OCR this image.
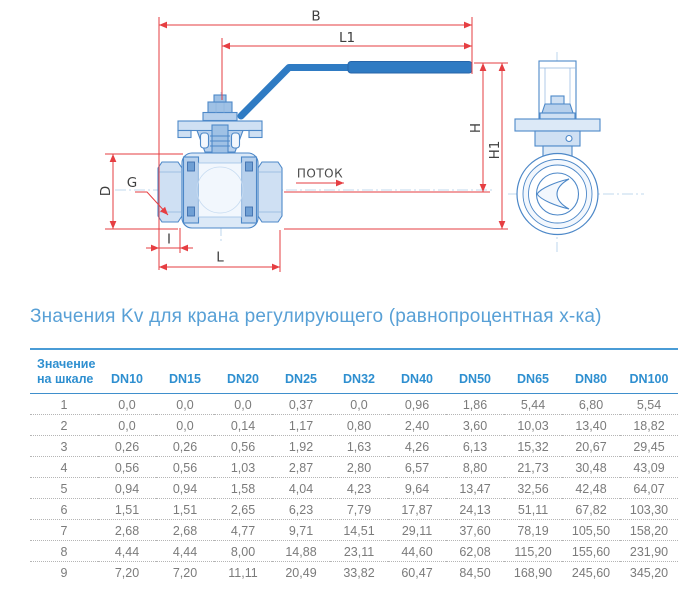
B
L1
H
H1
D G
I
L
ПОТОК
Значения Kv для крана регулирующего (равнопроцентная х-ка)
Значение
на шкале	DN10	DN15	DN20	DN25	DN32	DN40	DN50	DN65	DN80	DN100
1	0,0	0,0	0,0	0,37	0,0	0,96	1,86	5,44	6,80	5,54
2	0,0	0,0	0,14	1,17	0,80	2,40	3,60	10,03	13,40	18,82
3	0,26	0,26	0,56	1,92	1,63	4,26	6,13	15,32	20,67	29,45
4	0,56	0,56	1,03	2,87	2,80	6,57	8,80	21,73	30,48	43,09
5	0,94	0,94	1,58	4,04	4,23	9,64	13,47	32,56	42,48	64,07
6	1,51	1,51	2,65	6,23	7,79	17,87	24,13	51,11	67,82	103,30
7	2,68	2,68	4,77	9,71	14,51	29,11	37,60	78,19	105,50	158,20
8	4,44	4,44	8,00	14,88	23,11	44,60	62,08	115,20	155,60	231,90
9	7,20	7,20	11,11	20,49	33,82	60,47	84,50	168,90	245,60	345,20
